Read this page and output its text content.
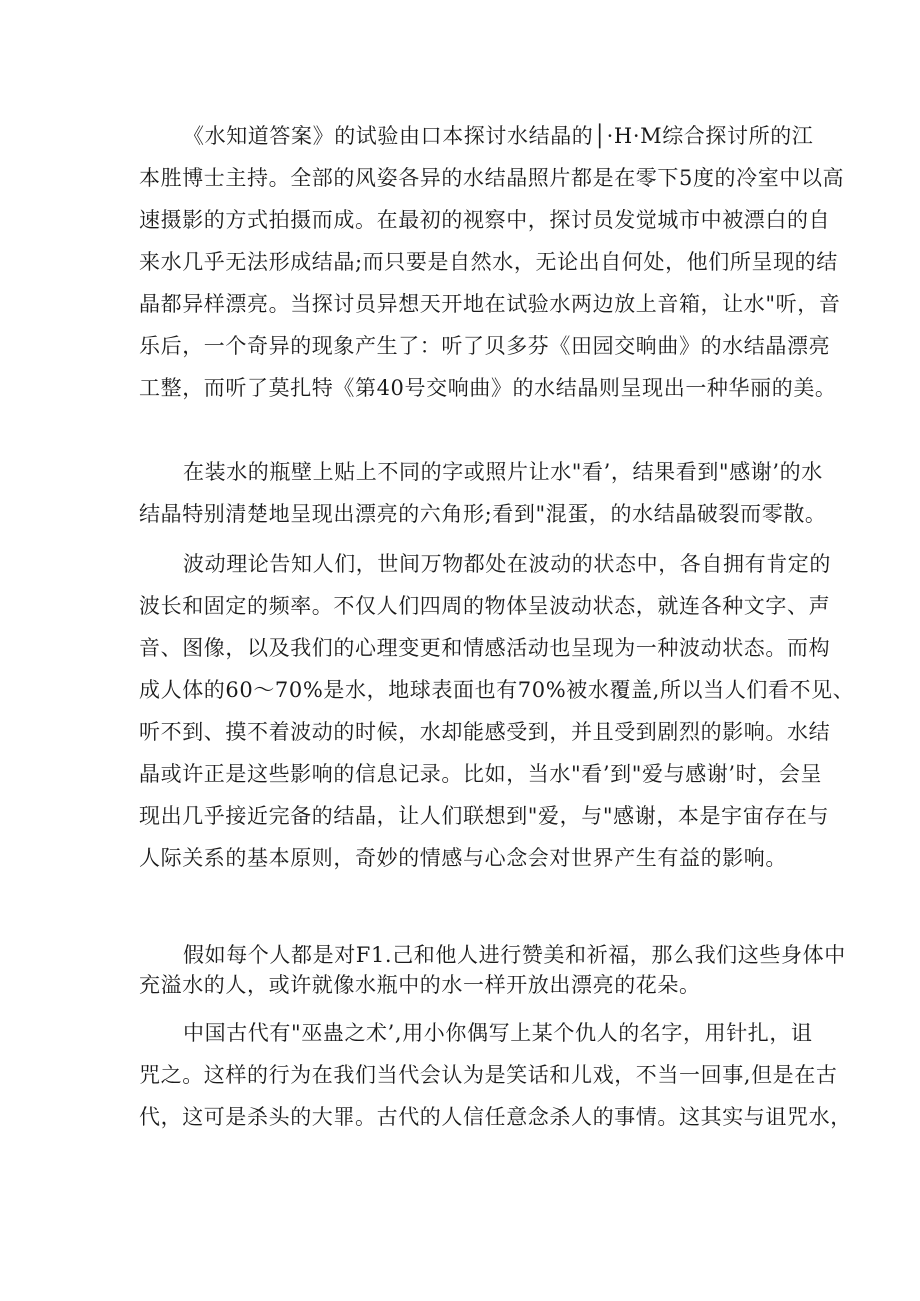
《水知道答案》的试验由口本探讨水结晶的│·H·M综合探讨所的江
本胜博士主持。全部的风姿各异的水结晶照片都是在零下5度的冷室中以高
速摄影的方式拍摄而成。在最初的视察中，探讨员发觉城市中被漂白的自
来水几乎无法形成结晶;而只要是自然水，无论出自何处，他们所呈现的结
晶都异样漂亮。当探讨员异想天开地在试验水两边放上音箱，让水"听，音
乐后，一个奇异的现象产生了：听了贝多芬《田园交晌曲》的水结晶漂亮
工整，而听了莫扎特《第40号交响曲》的水结晶则呈现出一种华丽的美。
在装水的瓶壁上贴上不同的字或照片让水"看’，结果看到"感谢’的水
结晶特别清楚地呈现出漂亮的六角形;看到"混蛋，的水结晶破裂而零散。
波动理论告知人们，世间万物都处在波动的状态中，各自拥有肯定的
波长和固定的频率。不仅人们四周的物体呈波动状态，就连各种文字、声
音、图像，以及我们的心理变更和情感活动也呈现为一种波动状态。而构
成人体的60～70%是水，地球表面也有70%被水覆盖,所以当人们看不见、
听不到、摸不着波动的时候，水却能感受到，并且受到剧烈的影响。水结
晶或许正是这些影响的信息记录。比如，当水"看’到"爱与感谢’时，会呈
现出几乎接近完备的结晶，让人们联想到"爱，与"感谢，本是宇宙存在与
人际关系的基本原则，奇妙的情感与心念会对世界产生有益的影响。
假如每个人都是对F1.己和他人进行赞美和祈福，那么我们这些身体中
充溢水的人，或许就像水瓶中的水一样开放出漂亮的花朵。
中国古代有"巫蛊之术’,用小你偶写上某个仇人的名字，用针扎，诅
咒之。这样的行为在我们当代会认为是笑话和儿戏，不当一回事,但是在古
代，这可是杀头的大罪。古代的人信任意念杀人的事情。这其实与诅咒水，
